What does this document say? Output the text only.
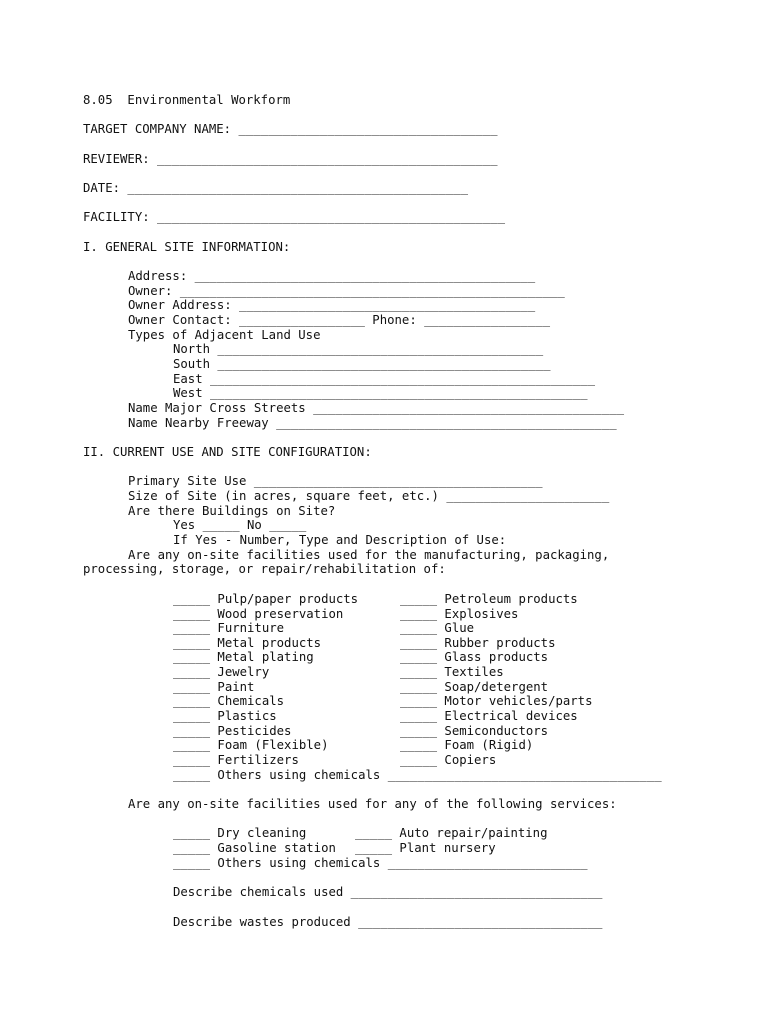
8.05  Environmental Workform
TARGET COMPANY NAME: ___________________________________
REVIEWER: ______________________________________________
DATE: ______________________________________________
FACILITY: _______________________________________________
I. GENERAL SITE INFORMATION:
Address: ______________________________________________
Owner: ____________________________________________________
Owner Address: ________________________________________
Owner Contact: _________________ Phone: _________________
Types of Adjacent Land Use
North ____________________________________________
South _____________________________________________
East ____________________________________________________
West ___________________________________________________
Name Major Cross Streets __________________________________________
Name Nearby Freeway ______________________________________________
II. CURRENT USE AND SITE CONFIGURATION:
Primary Site Use _______________________________________
Size of Site (in acres, square feet, etc.) ______________________
Are there Buildings on Site?
Yes _____ No _____
If Yes - Number, Type and Description of Use:
Are any on-site facilities used for the manufacturing, packaging,
processing, storage, or repair/rehabilitation of:
_____ Pulp/paper products
_____ Wood preservation
_____ Furniture
_____ Metal products
_____ Metal plating
_____ Jewelry
_____ Paint
_____ Chemicals
_____ Plastics
_____ Pesticides
_____ Foam (Flexible)
_____ Fertilizers
_____ Petroleum products
_____ Explosives
_____ Glue
_____ Rubber products
_____ Glass products
_____ Textiles
_____ Soap/detergent
_____ Motor vehicles/parts
_____ Electrical devices
_____ Semiconductors
_____ Foam (Rigid)
_____ Copiers
_____ Others using chemicals _____________________________________
Are any on-site facilities used for any of the following services:
_____ Dry cleaning
_____ Gasoline station
_____ Others using chemicals ___________________________
_____ Auto repair/painting
_____ Plant nursery
Describe chemicals used __________________________________
Describe wastes produced _________________________________
